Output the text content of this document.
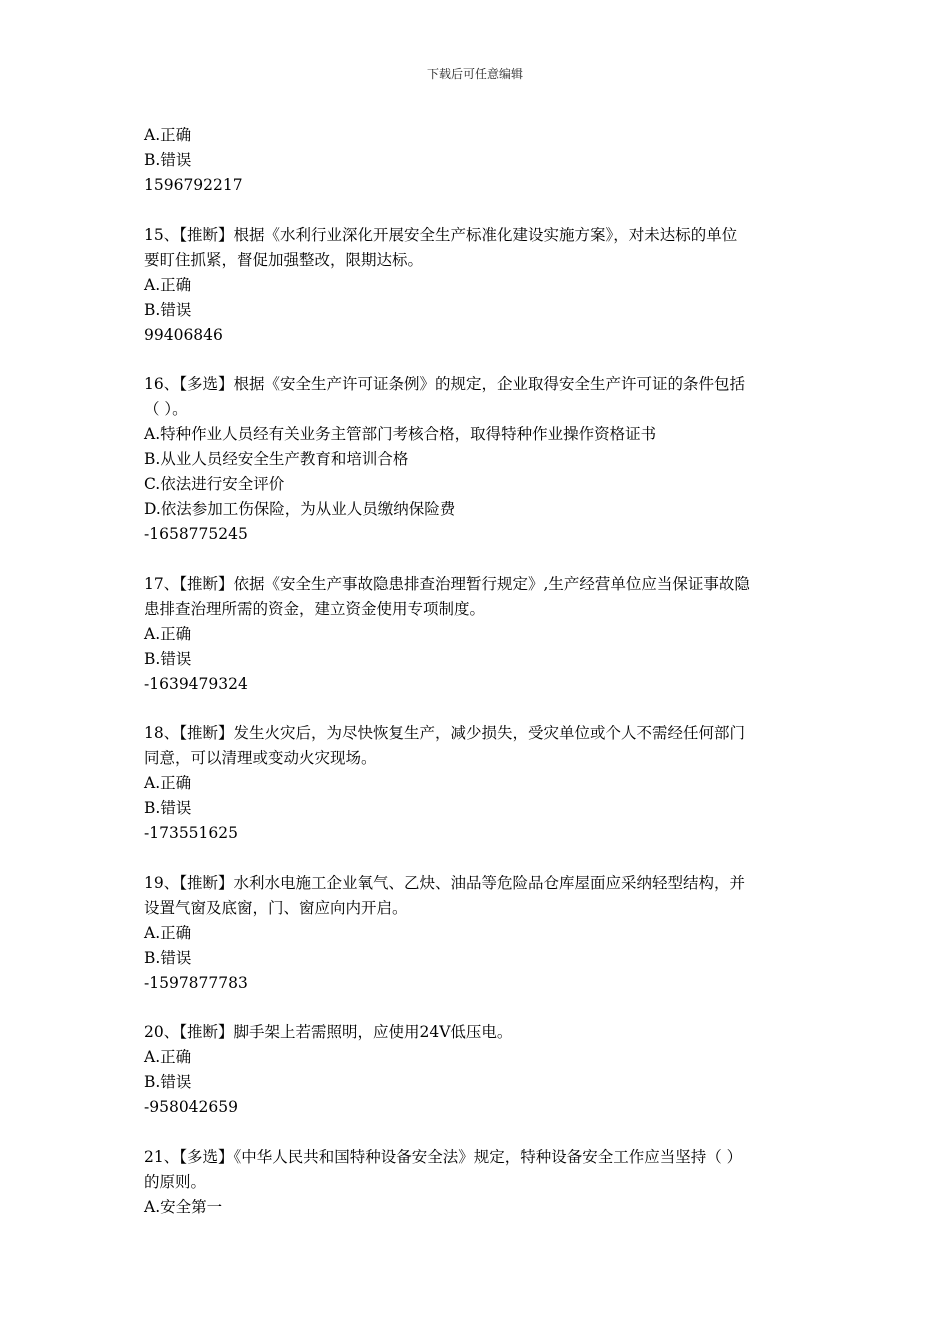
下载后可任意编辑
A.正确
B.错误
1596792217
15、【推断】根据《水利行业深化开展安全生产标准化建设实施方案》，对未达标的单位
要盯住抓紧，督促加强整改，限期达标。
A.正确
B.错误
99406846
16、【多选】根据《安全生产许可证条例》的规定，企业取得安全生产许可证的条件包括
（ ）。
A.特种作业人员经有关业务主管部门考核合格，取得特种作业操作资格证书
B.从业人员经安全生产教育和培训合格
C.依法进行安全评价
D.依法参加工伤保险，为从业人员缴纳保险费
-1658775245
17、【推断】依据《安全生产事故隐患排查治理暂行规定》,生产经营单位应当保证事故隐
患排查治理所需的资金，建立资金使用专项制度。
A.正确
B.错误
-1639479324
18、【推断】发生火灾后，为尽快恢复生产，减少损失，受灾单位或个人不需经任何部门
同意，可以清理或变动火灾现场。
A.正确
B.错误
-173551625
19、【推断】水利水电施工企业氧气、乙炔、油品等危险品仓库屋面应采纳轻型结构，并
设置气窗及底窗，门、窗应向内开启。
A.正确
B.错误
-1597877783
20、【推断】脚手架上若需照明，应使用24V低压电。
A.正确
B.错误
-958042659
21、【多选】《中华人民共和国特种设备安全法》规定，特种设备安全工作应当坚持（ ）
的原则。
A.安全第一
